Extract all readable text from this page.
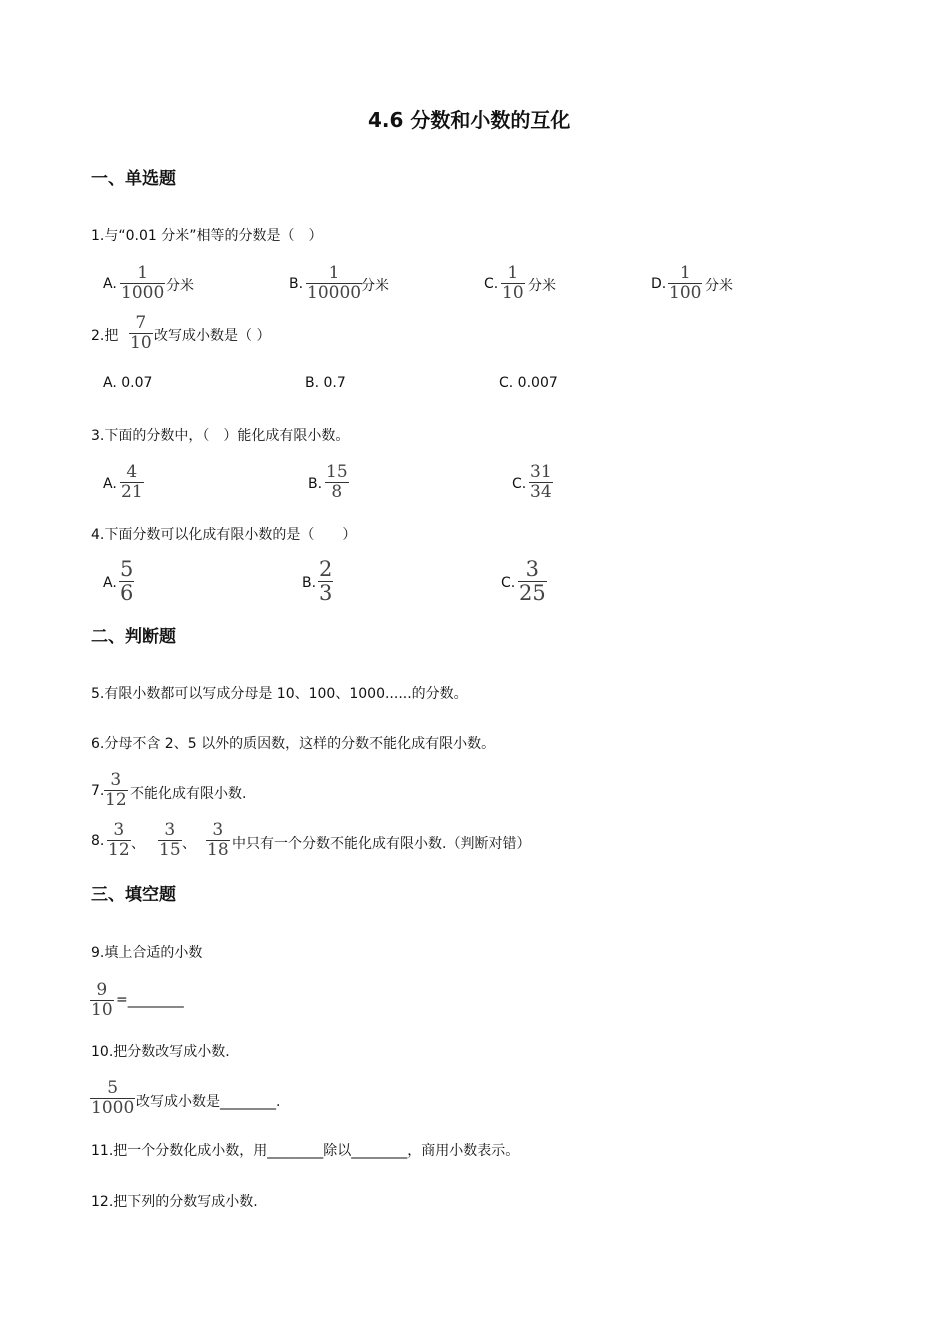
4.6 分数和小数的互化
一、单选题
1.与“0.01 分米”相等的分数是（　）
A.
1
1000 分米	B.
1
10000 分米	C.
1
10 分米	D.
1
100 分米
2.把
7
10 改写成小数是（ ）
A. 0.07	B. 0.7	C. 0.007
3.下面的分数中，（　）能化成有限小数。
A.
4
21	B.
15
8	C.
31
34
4.下面分数可以化成有限小数的是（　　）
A.
5
6	B.
2
3	C.
3
25
二、判断题
5.有限小数都可以写成分母是 10、100、1000......的分数。
6.分母不含 2、5 以外的质因数，这样的分数不能化成有限小数。
7.
3
12 不能化成有限小数.
8.
3
12 、
3
15 、
3
18 中只有一个分数不能化成有限小数.（判断对错）
三、填空题
9.填上合适的小数
9
10 =________
10.把分数改写成小数.
5
1000 改写成小数是________.
11.把一个分数化成小数，用________除以________，商用小数表示。
12.把下列的分数写成小数.
